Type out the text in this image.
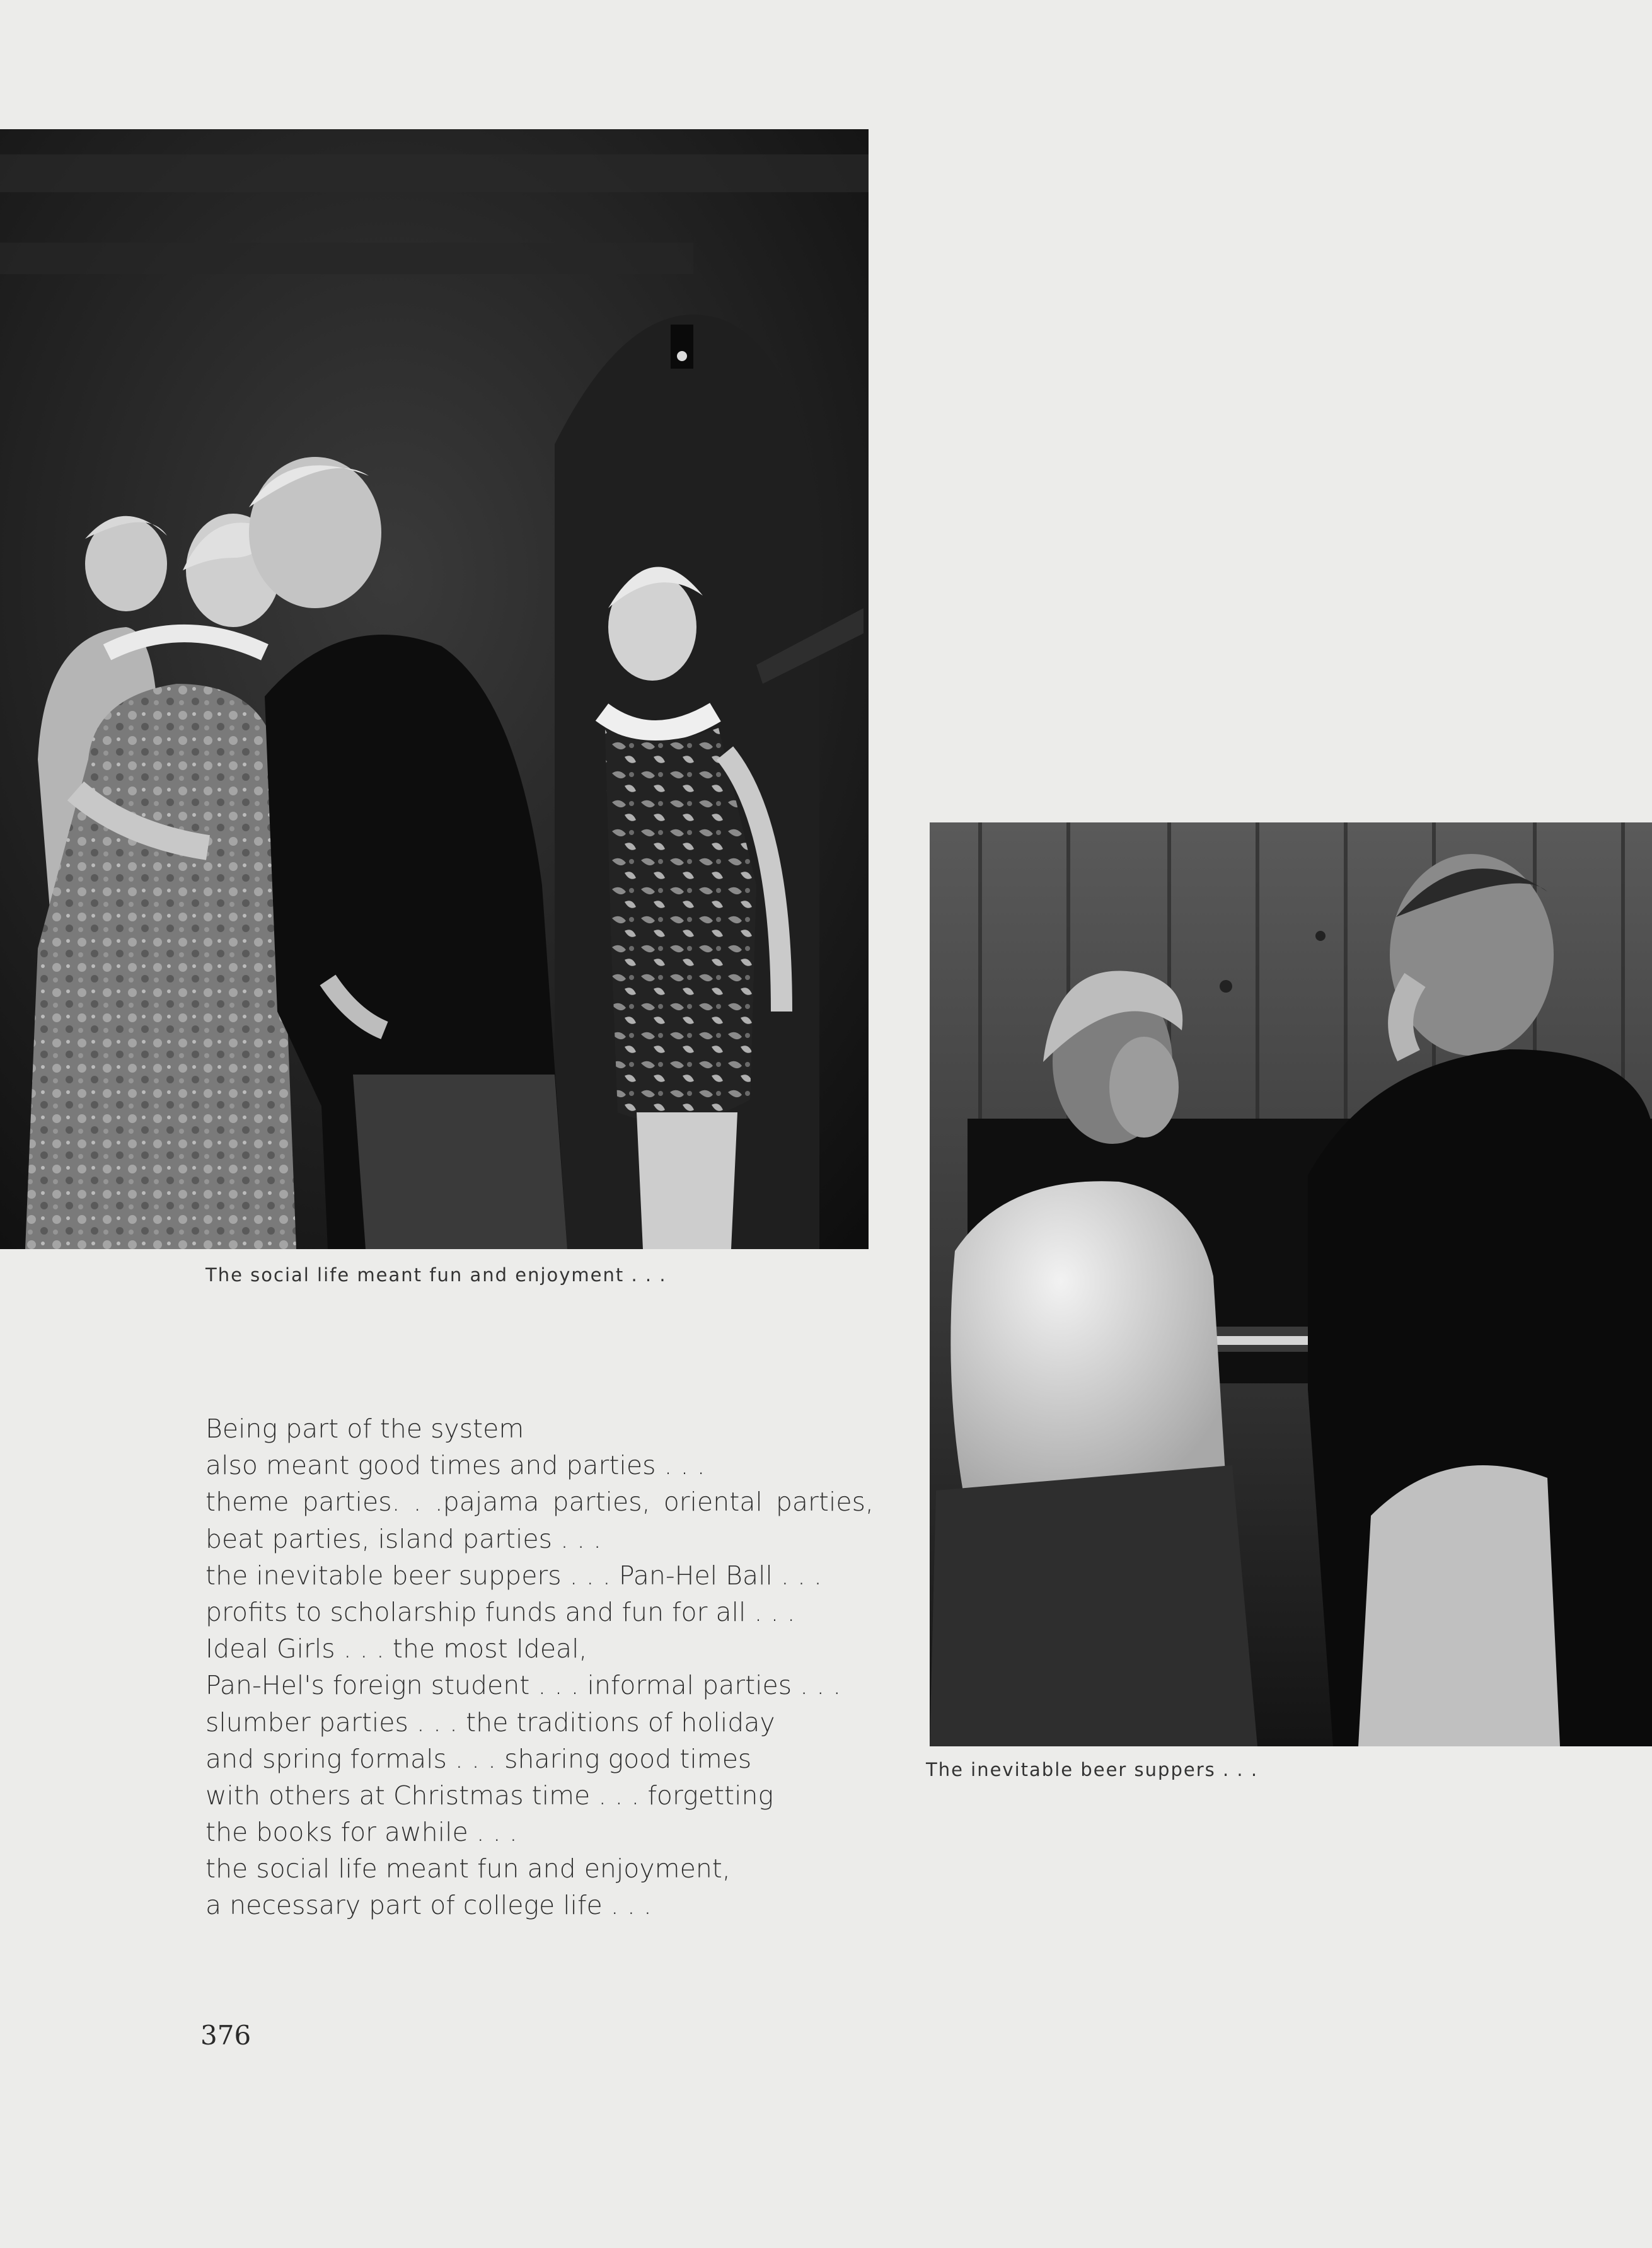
The social life meant fun and enjoyment . . .
The inevitable beer suppers . . .
Being part of the system
also meant good times and parties . . .
theme parties. . .pajama parties, oriental parties,
beat parties, island parties . . .
the inevitable beer suppers . . . Pan-Hel Ball . . .
profits to scholarship funds and fun for all . . .
Ideal Girls . . . the most Ideal,
Pan-Hel's foreign student . . . informal parties . . .
slumber parties . . . the traditions of holiday
and spring formals . . . sharing good times
with others at Christmas time . . . forgetting
the books for awhile . . .
the social life meant fun and enjoyment,
a necessary part of college life . . .
376
